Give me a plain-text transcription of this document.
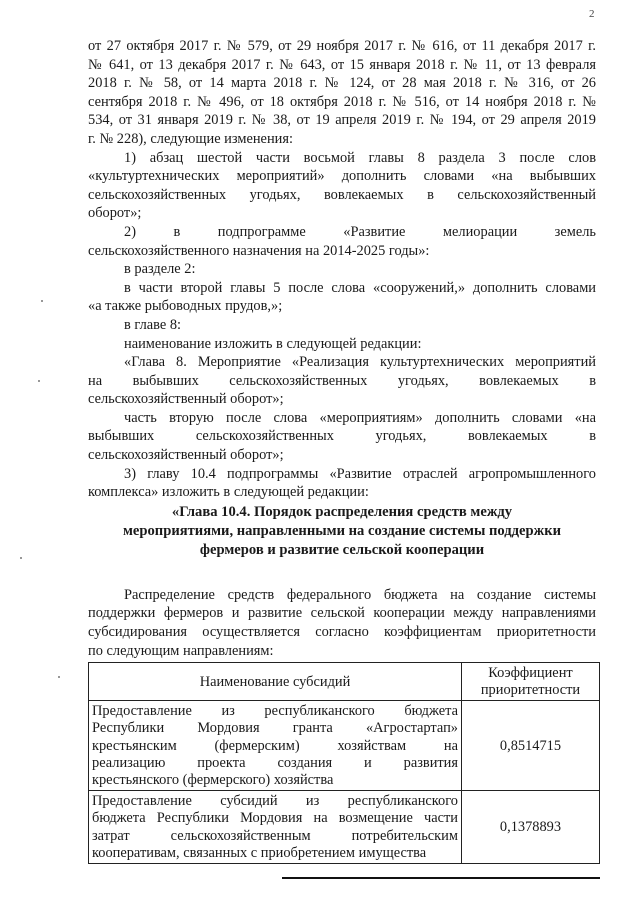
2

от 27 октября 2017 г. № 579, от 29 ноября 2017 г. № 616, от 11 декабря 2017 г.

№ 641, от 13 декабря 2017 г. № 643, от 15 января 2018 г. № 11, от 13 февраля

2018 г. № 58, от 14 марта 2018 г. № 124, от 28 мая 2018 г. № 316, от 26

сентября 2018 г. № 496, от 18 октября 2018 г. № 516, от 14 ноября 2018 г. №

534, от 31 января 2019 г. № 38, от 19 апреля 2019 г. № 194, от 29 апреля 2019

г. № 228), следующие изменения:

1) абзац шестой части восьмой главы 8 раздела 3 после слов

«культуртехнических мероприятий» дополнить словами «на выбывших

сельскохозяйственных угодьях, вовлекаемых в сельскохозяйственный

оборот»;

2) в подпрограмме «Развитие мелиорации земель

сельскохозяйственного назначения на 2014-2025 годы»:

в разделе 2:

в части второй главы 5 после слова «сооружений,» дополнить словами

«а также рыбоводных прудов,»;

в главе 8:

наименование изложить в следующей редакции:

«Глава 8. Мероприятие «Реализация культуртехнических мероприятий

на выбывших сельскохозяйственных угодьях, вовлекаемых в

сельскохозяйственный оборот»;

часть вторую после слова «мероприятиям» дополнить словами «на

выбывших сельскохозяйственных угодьях, вовлекаемых в

сельскохозяйственный оборот»;

3) главу 10.4 подпрограммы «Развитие отраслей агропромышленного

комплекса» изложить в следующей редакции:

«Глава 10.4. Порядок распределения средств между
мероприятиями, направленными на создание системы поддержки
фермеров и развитие сельской кооперации

Распределение средств федерального бюджета на создание системы

поддержки фермеров и развитие сельской кооперации между направлениями

субсидирования осуществляется согласно коэффициентам приоритетности

по следующим направлениям:

Наименование субсидий	Коэффициент
приоритетности

Предоставление из республиканского бюджета
Республики Мордовия гранта «Агростартап»
крестьянским (фермерским) хозяйствам на
реализацию проекта создания и развития
крестьянского (фермерского) хозяйства	0,8514715

Предоставление субсидий из республиканского
бюджета Республики Мордовия на возмещение части
затрат сельскохозяйственным потребительским
кооперативам, связанных с приобретением имущества	0,1378893
